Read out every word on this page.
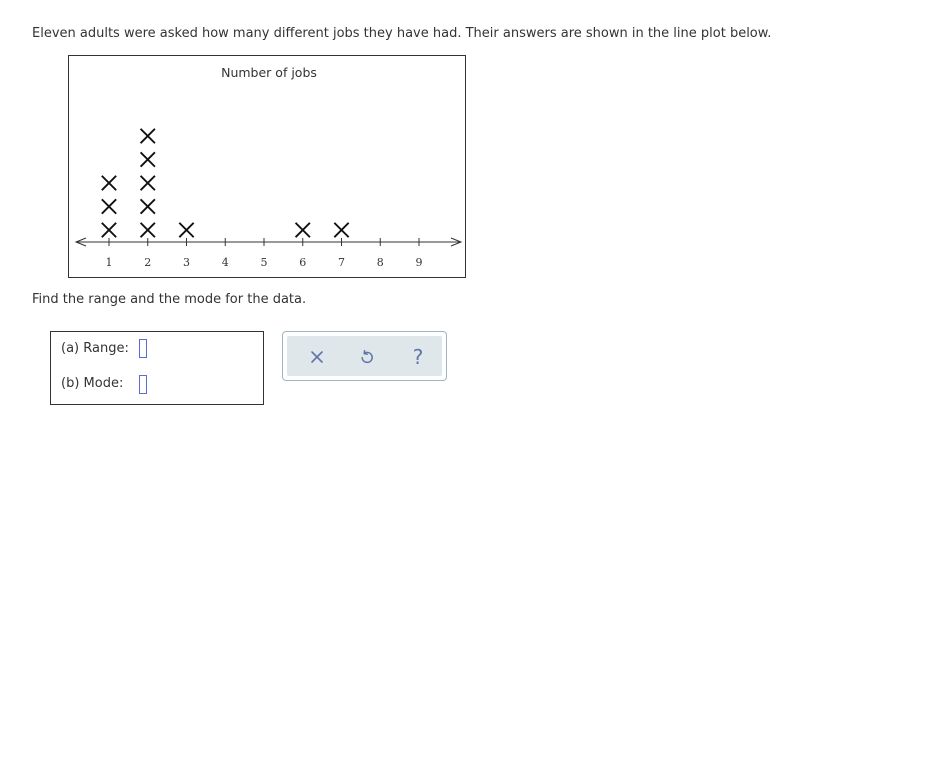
Eleven adults were asked how many different jobs they have had. Their answers are shown in the line plot below.
Number of jobs
1	2	3	4	5	6	7	8	9
Find the range and the mode for the data.
(a) Range:
(b) Mode:
?
